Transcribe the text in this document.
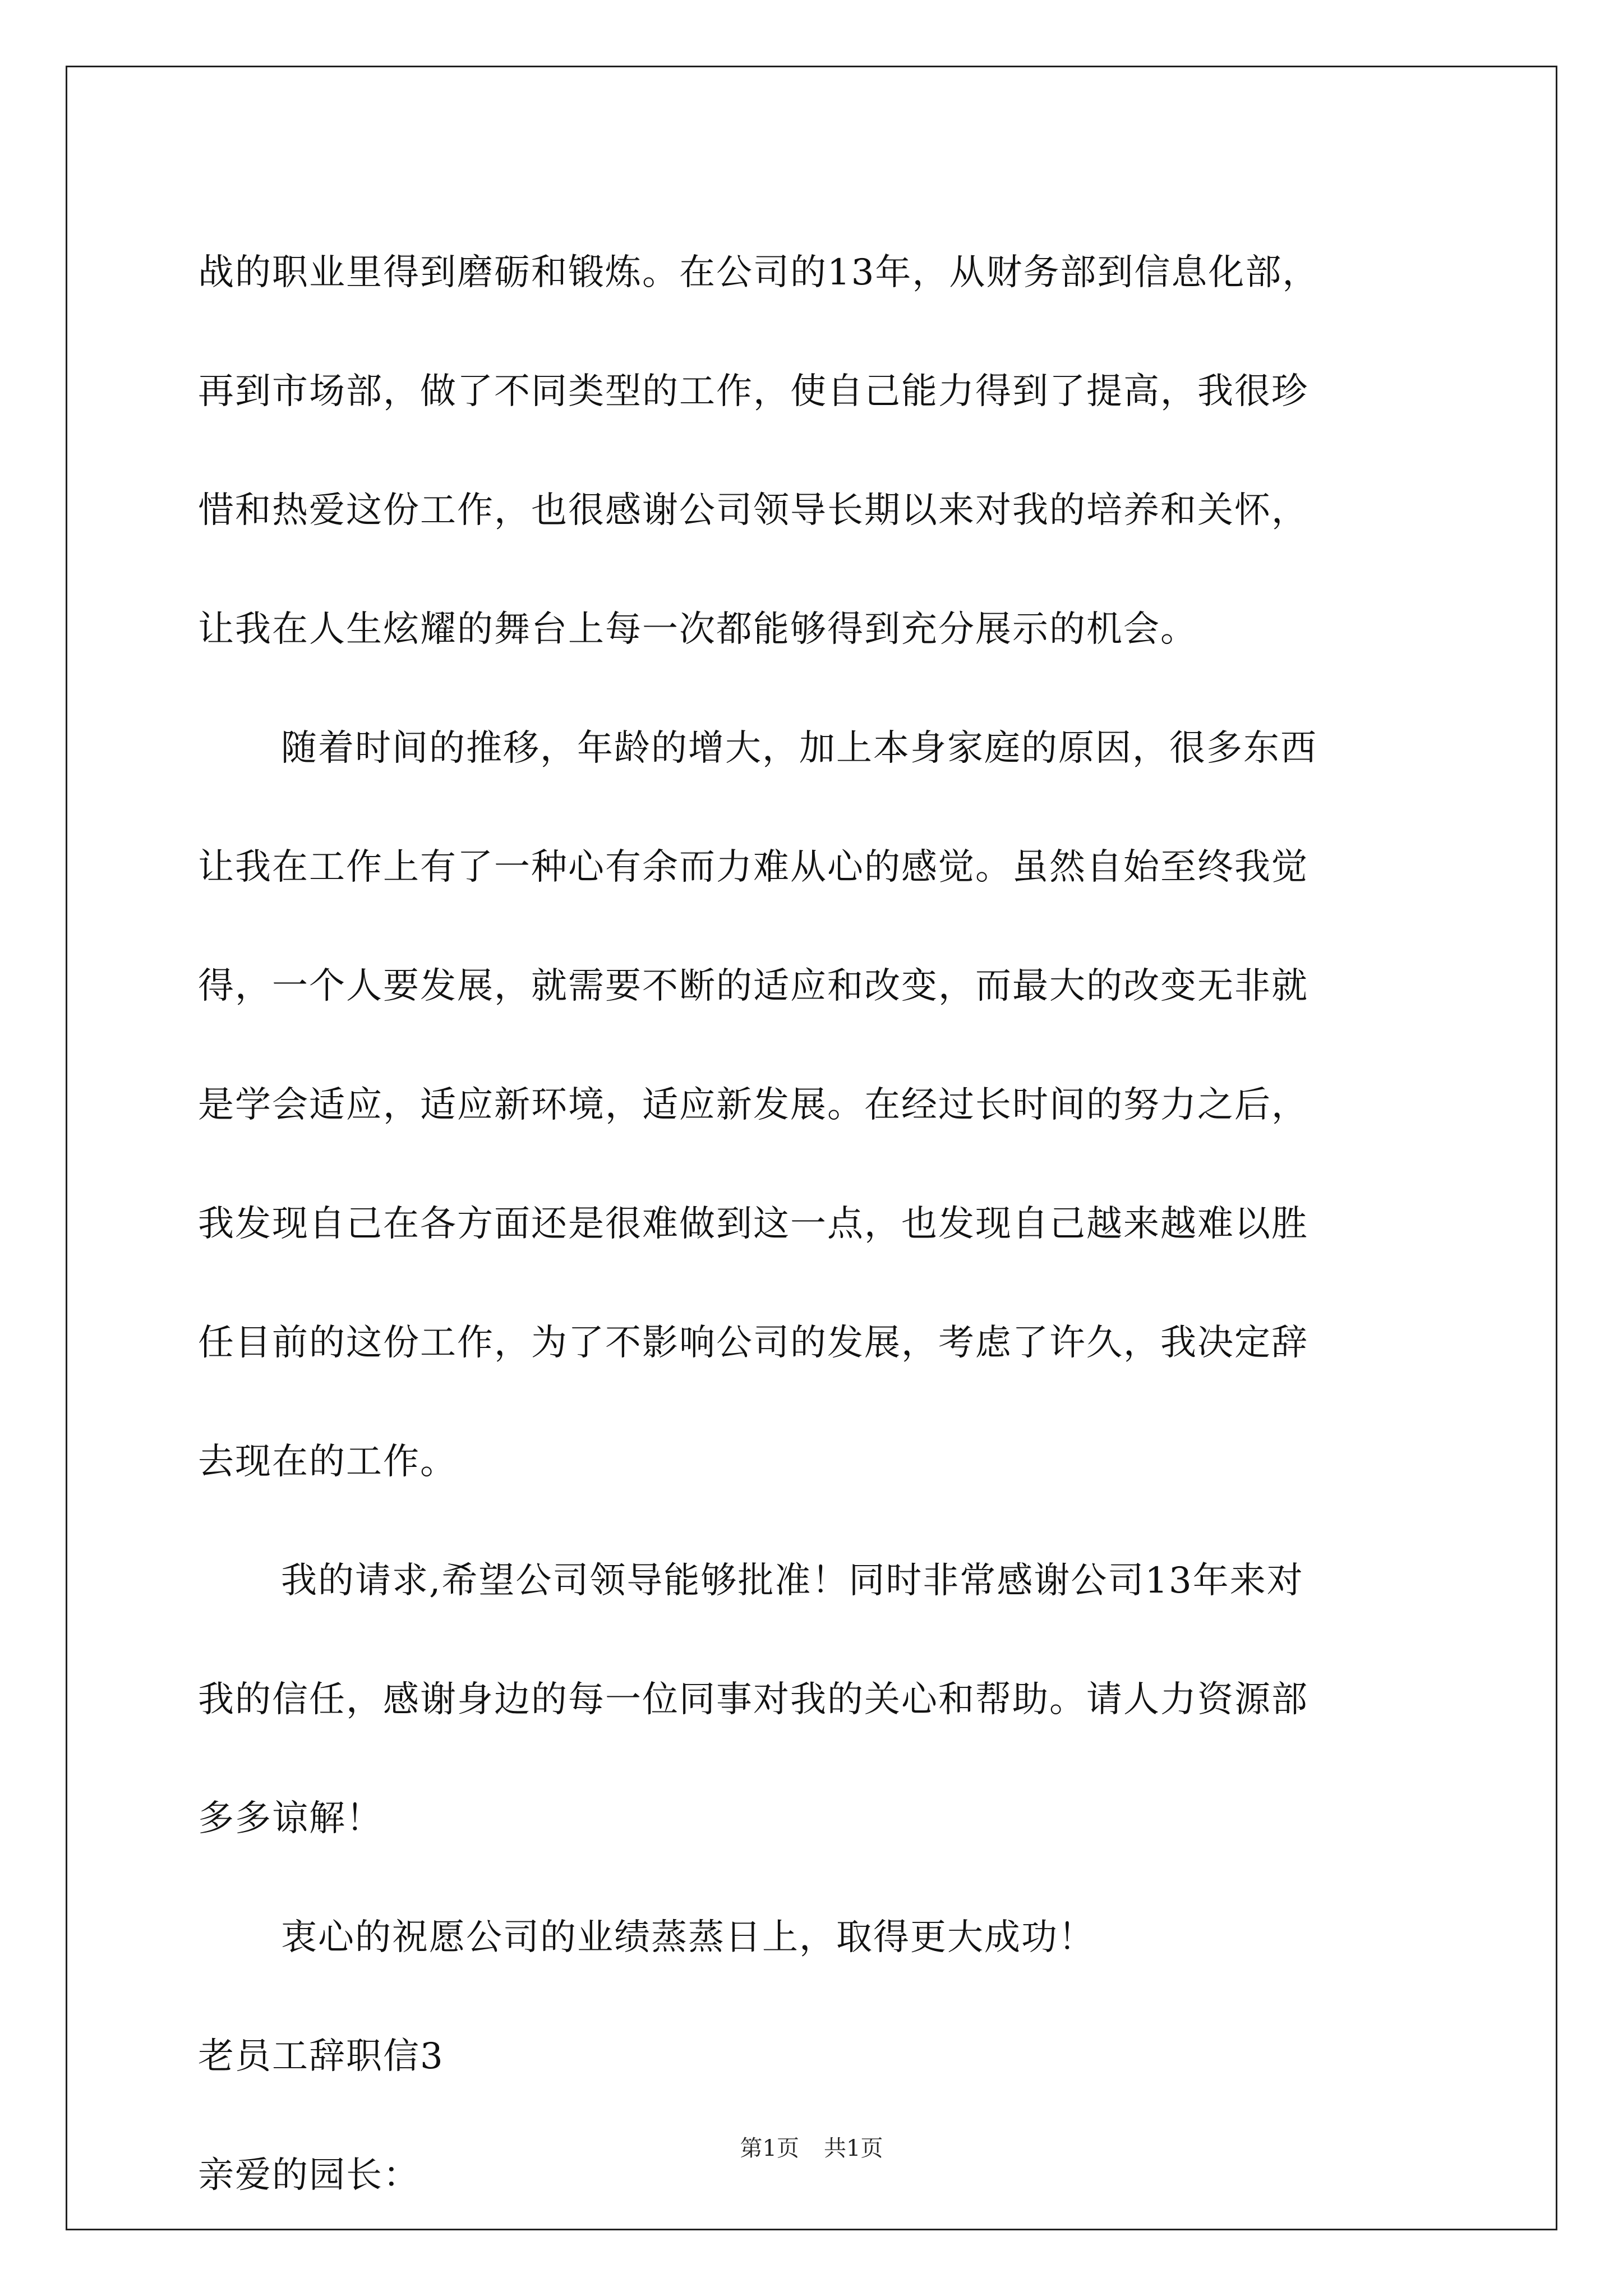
战的职业里得到磨砺和锻炼。在公司的13年，从财务部到信息化部，
再到市场部，做了不同类型的工作，使自己能力得到了提高，我很珍
惜和热爱这份工作，也很感谢公司领导长期以来对我的培养和关怀，
让我在人生炫耀的舞台上每一次都能够得到充分展示的机会。
随着时间的推移，年龄的增大，加上本身家庭的原因，很多东西
让我在工作上有了一种心有余而力难从心的感觉。虽然自始至终我觉
得，一个人要发展，就需要不断的适应和改变，而最大的改变无非就
是学会适应，适应新环境，适应新发展。在经过长时间的努力之后，
我发现自己在各方面还是很难做到这一点，也发现自己越来越难以胜
任目前的这份工作，为了不影响公司的发展，考虑了许久，我决定辞
去现在的工作。
我的请求,希望公司领导能够批准！同时非常感谢公司13年来对
我的信任，感谢身边的每一位同事对我的关心和帮助。请人力资源部
多多谅解！
衷心的祝愿公司的业绩蒸蒸日上，取得更大成功！
老员工辞职信3
亲爱的园长：
第1页 共1页
